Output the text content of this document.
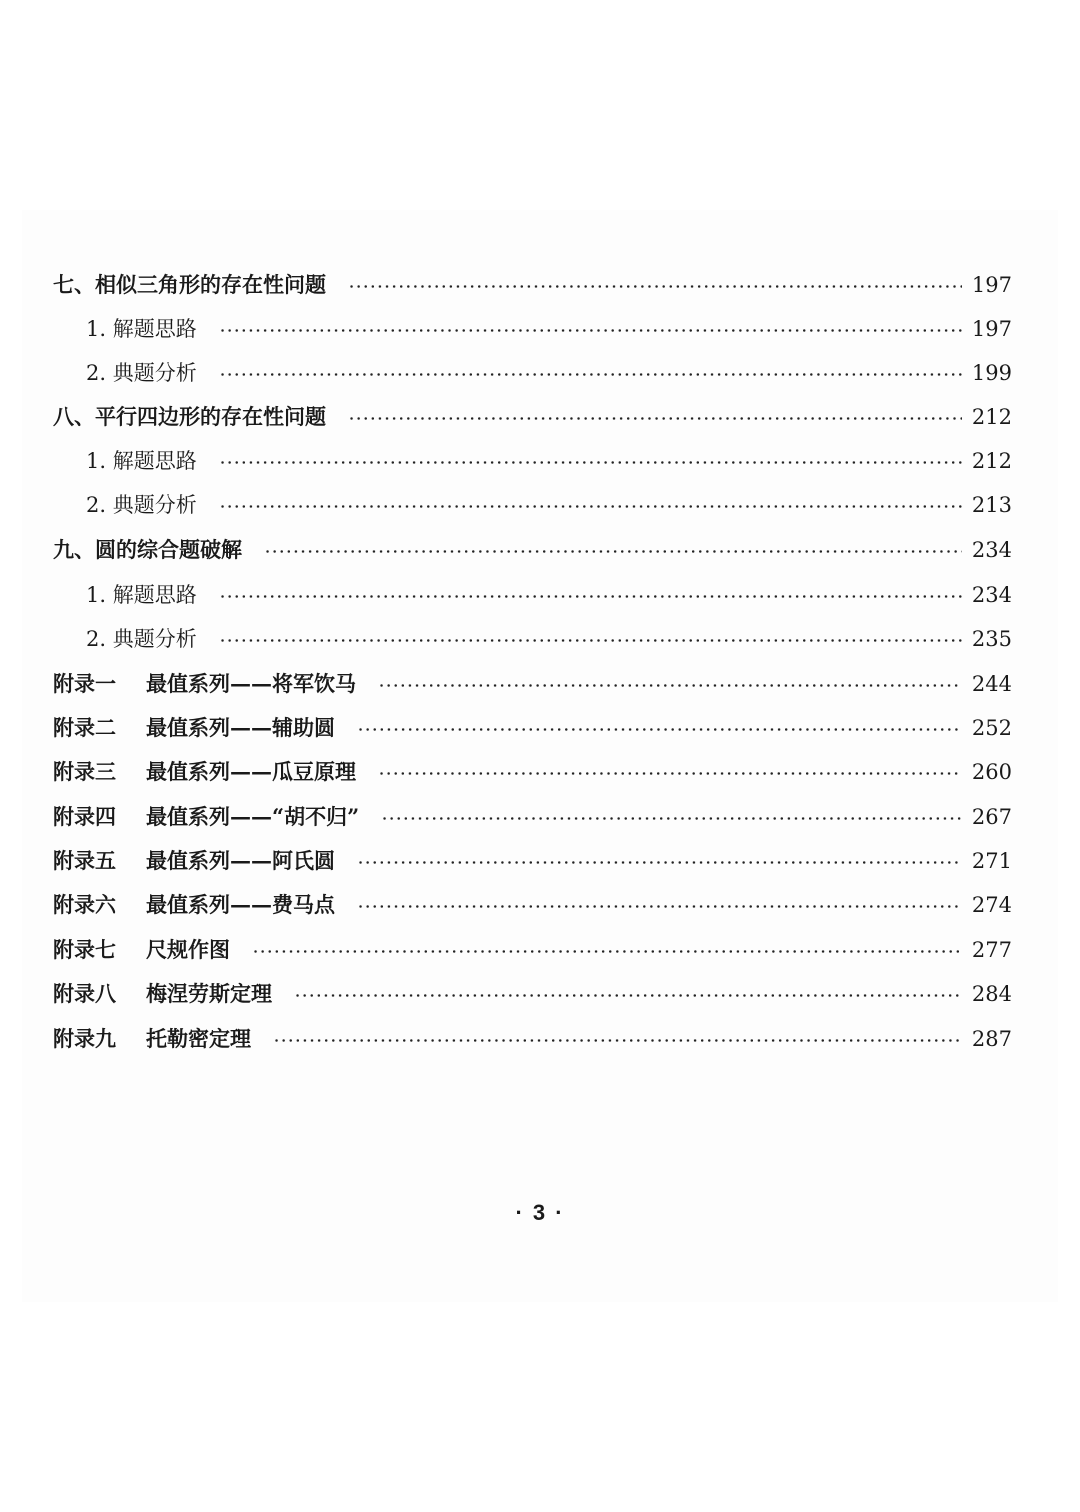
七、相似三角形的存在性问题	197
1. 解题思路	197
2. 典题分析	199
八、平行四边形的存在性问题	212
1. 解题思路	212
2. 典题分析	213
九、圆的综合题破解	234
1. 解题思路	234
2. 典题分析	235
附录一 最值系列——将军饮马	244
附录二 最值系列——辅助圆	252
附录三 最值系列——瓜豆原理	260
附录四 最值系列——“胡不归”	267
附录五 最值系列——阿氏圆	271
附录六 最值系列——费马点	274
附录七 尺规作图	277
附录八 梅涅劳斯定理	284
附录九 托勒密定理	287
· 3 ·
